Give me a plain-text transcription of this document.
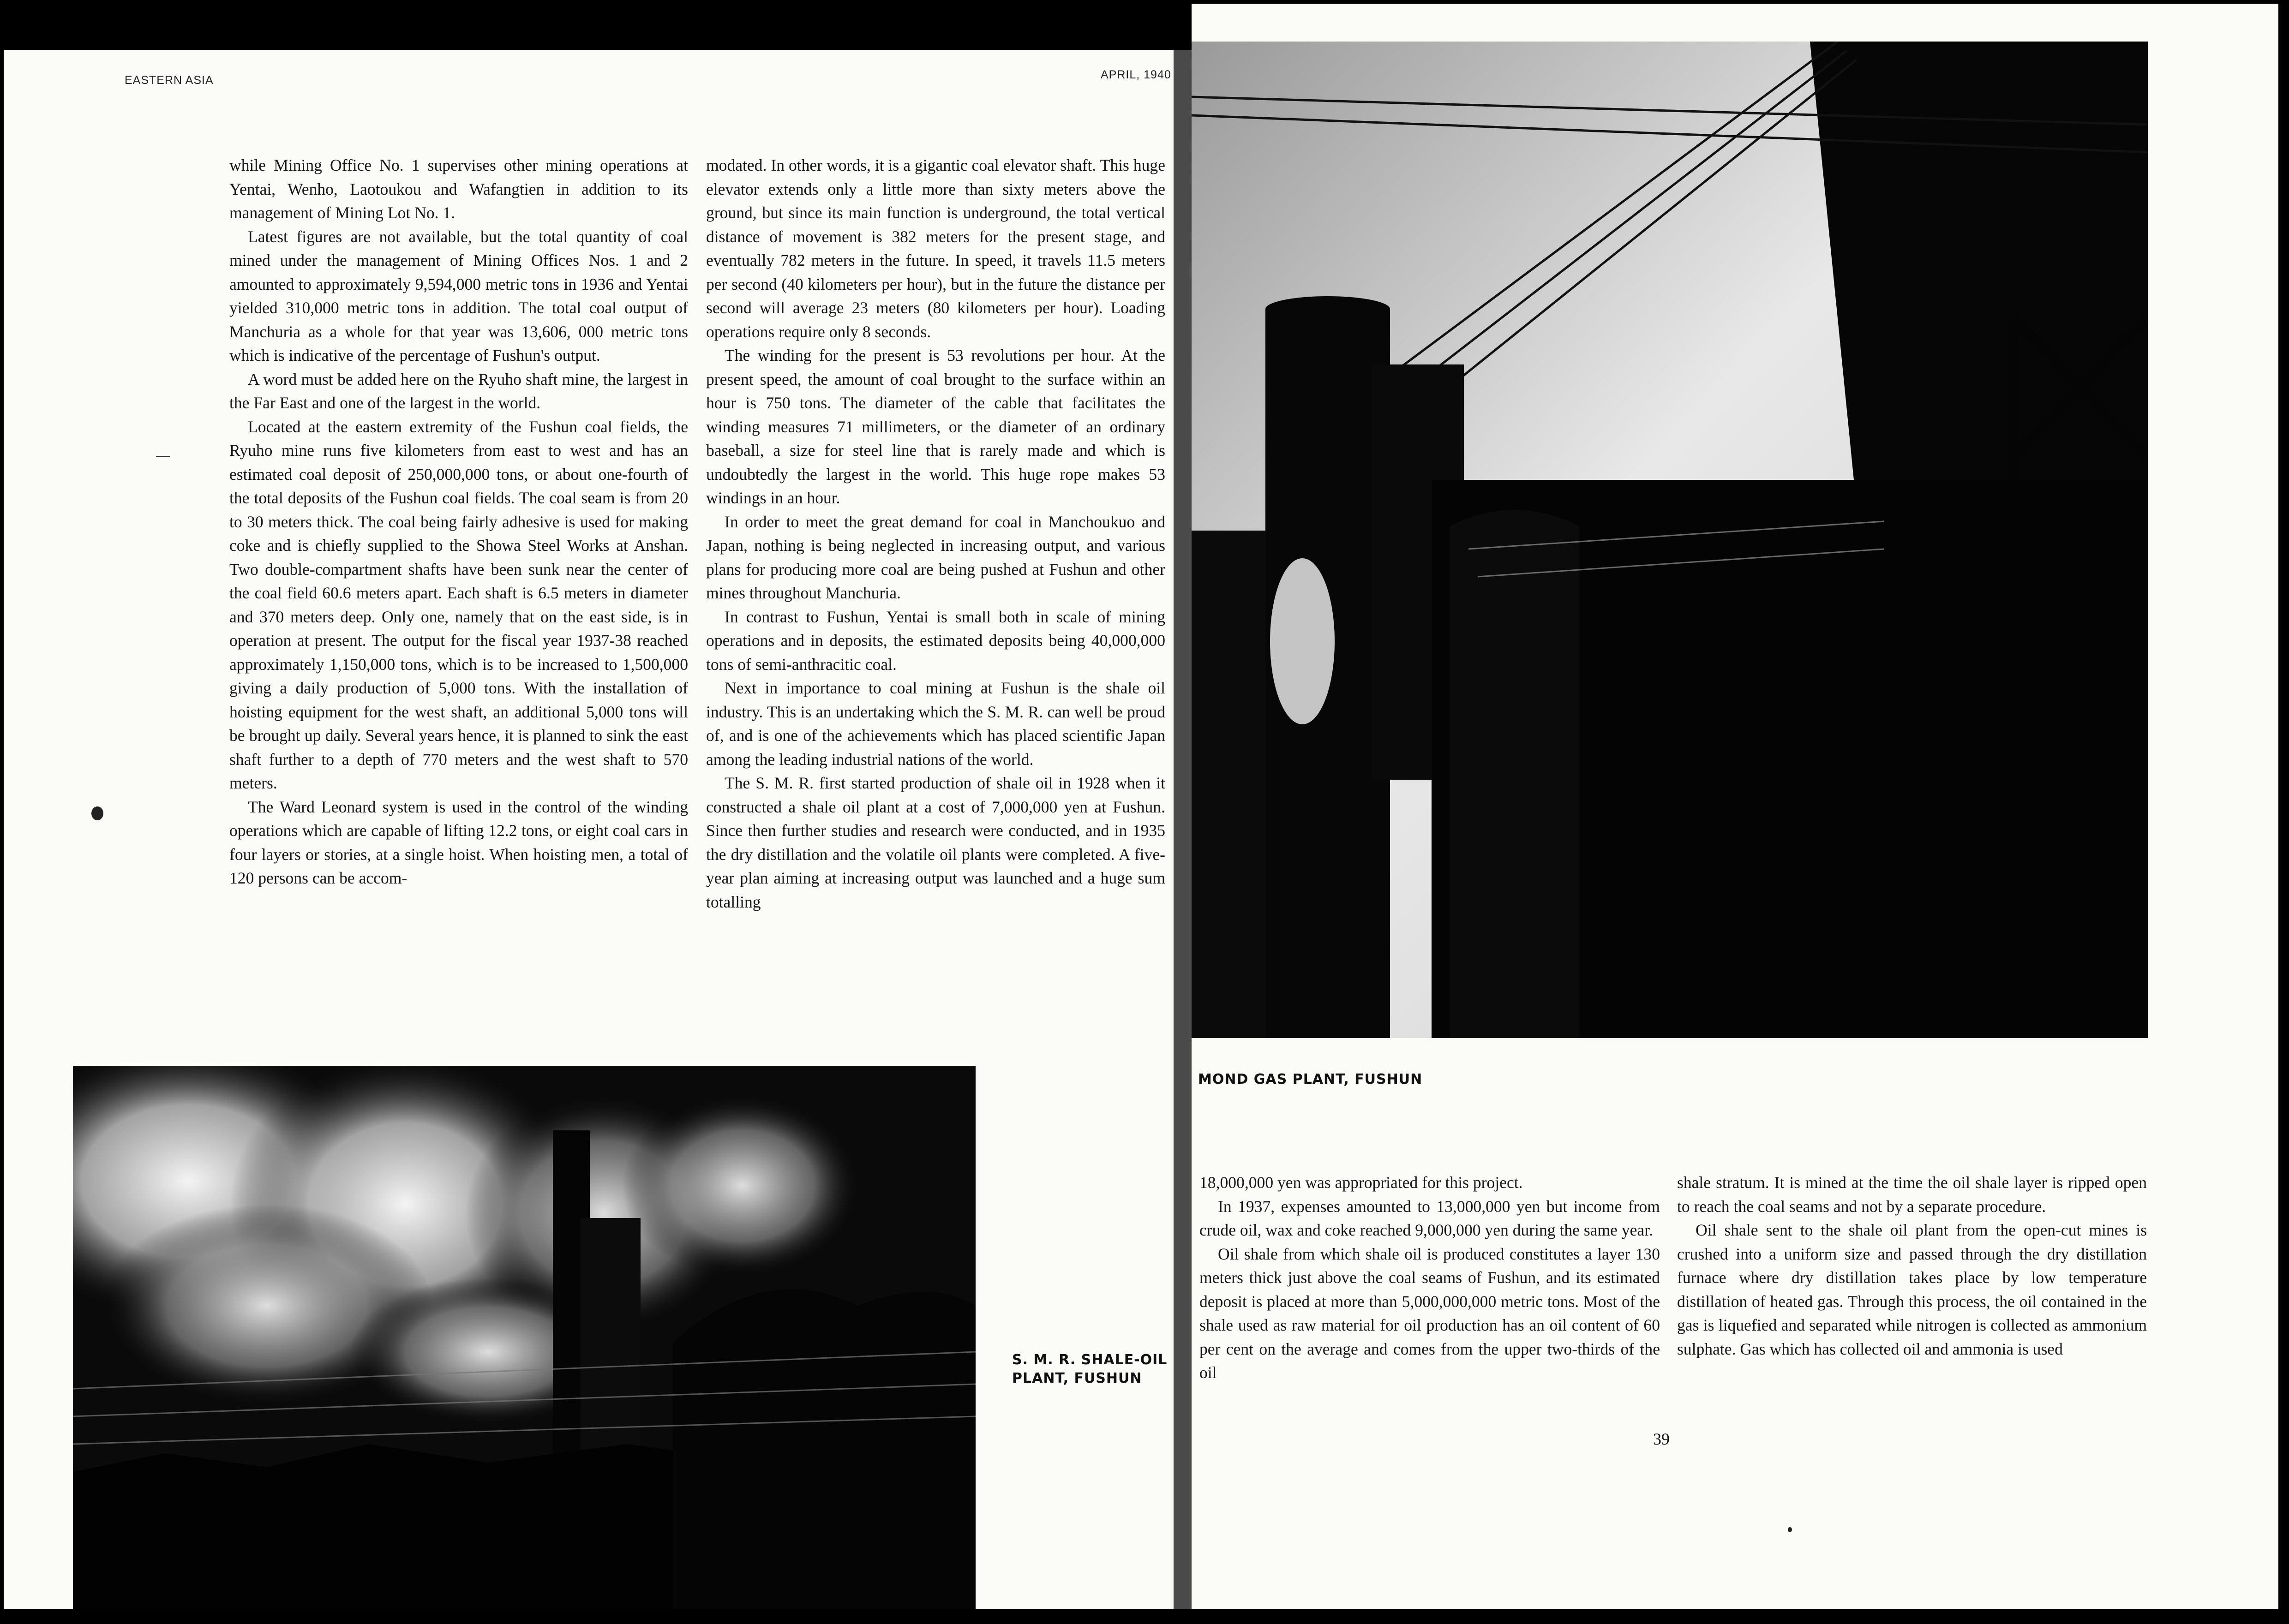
EASTERN ASIA	APRIL, 1940

while Mining Office No. 1 supervises other mining operations at Yentai, Wenho, Laotoukou and Wafangtien in addition to its management of Mining Lot No. 1.

Latest figures are not available, but the total quantity of coal mined under the management of Mining Offices Nos. 1 and 2 amounted to approximately 9,594,000 metric tons in 1936 and Yentai yielded 310,000 metric tons in addition. The total coal output of Manchuria as a whole for that year was 13,606, 000 metric tons which is indicative of the percentage of Fushun's output.

A word must be added here on the Ryuho shaft mine, the largest in the Far East and one of the largest in the world.

Located at the eastern extremity of the Fushun coal fields, the Ryuho mine runs five kilometers from east to west and has an estimated coal deposit of 250,000,000 tons, or about one-fourth of the total deposits of the Fushun coal fields. The coal seam is from 20 to 30 meters thick. The coal being fairly adhesive is used for making coke and is chiefly supplied to the Showa Steel Works at Anshan. Two double-compartment shafts have been sunk near the center of the coal field 60.6 meters apart. Each shaft is 6.5 meters in diameter and 370 meters deep. Only one, namely that on the east side, is in operation at present. The output for the fiscal year 1937-38 reached approximately 1,150,000 tons, which is to be increased to 1,500,000 giving a daily production of 5,000 tons. With the installation of hoisting equipment for the west shaft, an additional 5,000 tons will be brought up daily. Several years hence, it is planned to sink the east shaft further to a depth of 770 meters and the west shaft to 570 meters.

The Ward Leonard system is used in the control of the winding operations which are capable of lifting 12.2 tons, or eight coal cars in four layers or stories, at a single hoist. When hoisting men, a total of 120 persons can be accom-

modated. In other words, it is a gigantic coal elevator shaft. This huge elevator extends only a little more than sixty meters above the ground, but since its main function is underground, the total vertical distance of movement is 382 meters for the present stage, and eventually 782 meters in the future. In speed, it travels 11.5 meters per second (40 kilometers per hour), but in the future the distance per second will average 23 meters (80 kilometers per hour). Loading operations require only 8 seconds.

The winding for the present is 53 revolutions per hour. At the present speed, the amount of coal brought to the surface within an hour is 750 tons. The diameter of the cable that facilitates the winding measures 71 millimeters, or the diameter of an ordinary baseball, a size for steel line that is rarely made and which is undoubtedly the largest in the world. This huge rope makes 53 windings in an hour.

In order to meet the great demand for coal in Manchoukuo and Japan, nothing is being neglected in increasing output, and various plans for producing more coal are being pushed at Fushun and other mines throughout Manchuria.

In contrast to Fushun, Yentai is small both in scale of mining operations and in deposits, the estimated deposits being 40,000,000 tons of semi-anthracitic coal.

Next in importance to coal mining at Fushun is the shale oil industry. This is an undertaking which the S. M. R. can well be proud of, and is one of the achievements which has placed scientific Japan among the leading industrial nations of the world.

The S. M. R. first started production of shale oil in 1928 when it constructed a shale oil plant at a cost of 7,000,000 yen at Fushun. Since then further studies and research were conducted, and in 1935 the dry distillation and the volatile oil plants were completed. A five-year plan aiming at increasing output was launched and a huge sum totalling

S. M. R. SHALE-OIL
PLANT, FUSHUN
MOND GAS PLANT, FUSHUN

18,000,000 yen was appropriated for this project.

In 1937, expenses amounted to 13,000,000 yen but income from crude oil, wax and coke reached 9,000,000 yen during the same year.

Oil shale from which shale oil is produced constitutes a layer 130 meters thick just above the coal seams of Fushun, and its estimated deposit is placed at more than 5,000,000,000 metric tons. Most of the shale used as raw material for oil production has an oil content of 60 per cent on the average and comes from the upper two-thirds of the oil

shale stratum. It is mined at the time the oil shale layer is ripped open to reach the coal seams and not by a separate procedure.

Oil shale sent to the shale oil plant from the open-cut mines is crushed into a uniform size and passed through the dry distillation furnace where dry distillation takes place by low temperature distillation of heated gas. Through this process, the oil contained in the gas is liquefied and separated while nitrogen is collected as ammonium sulphate. Gas which has collected oil and ammonia is used

39
